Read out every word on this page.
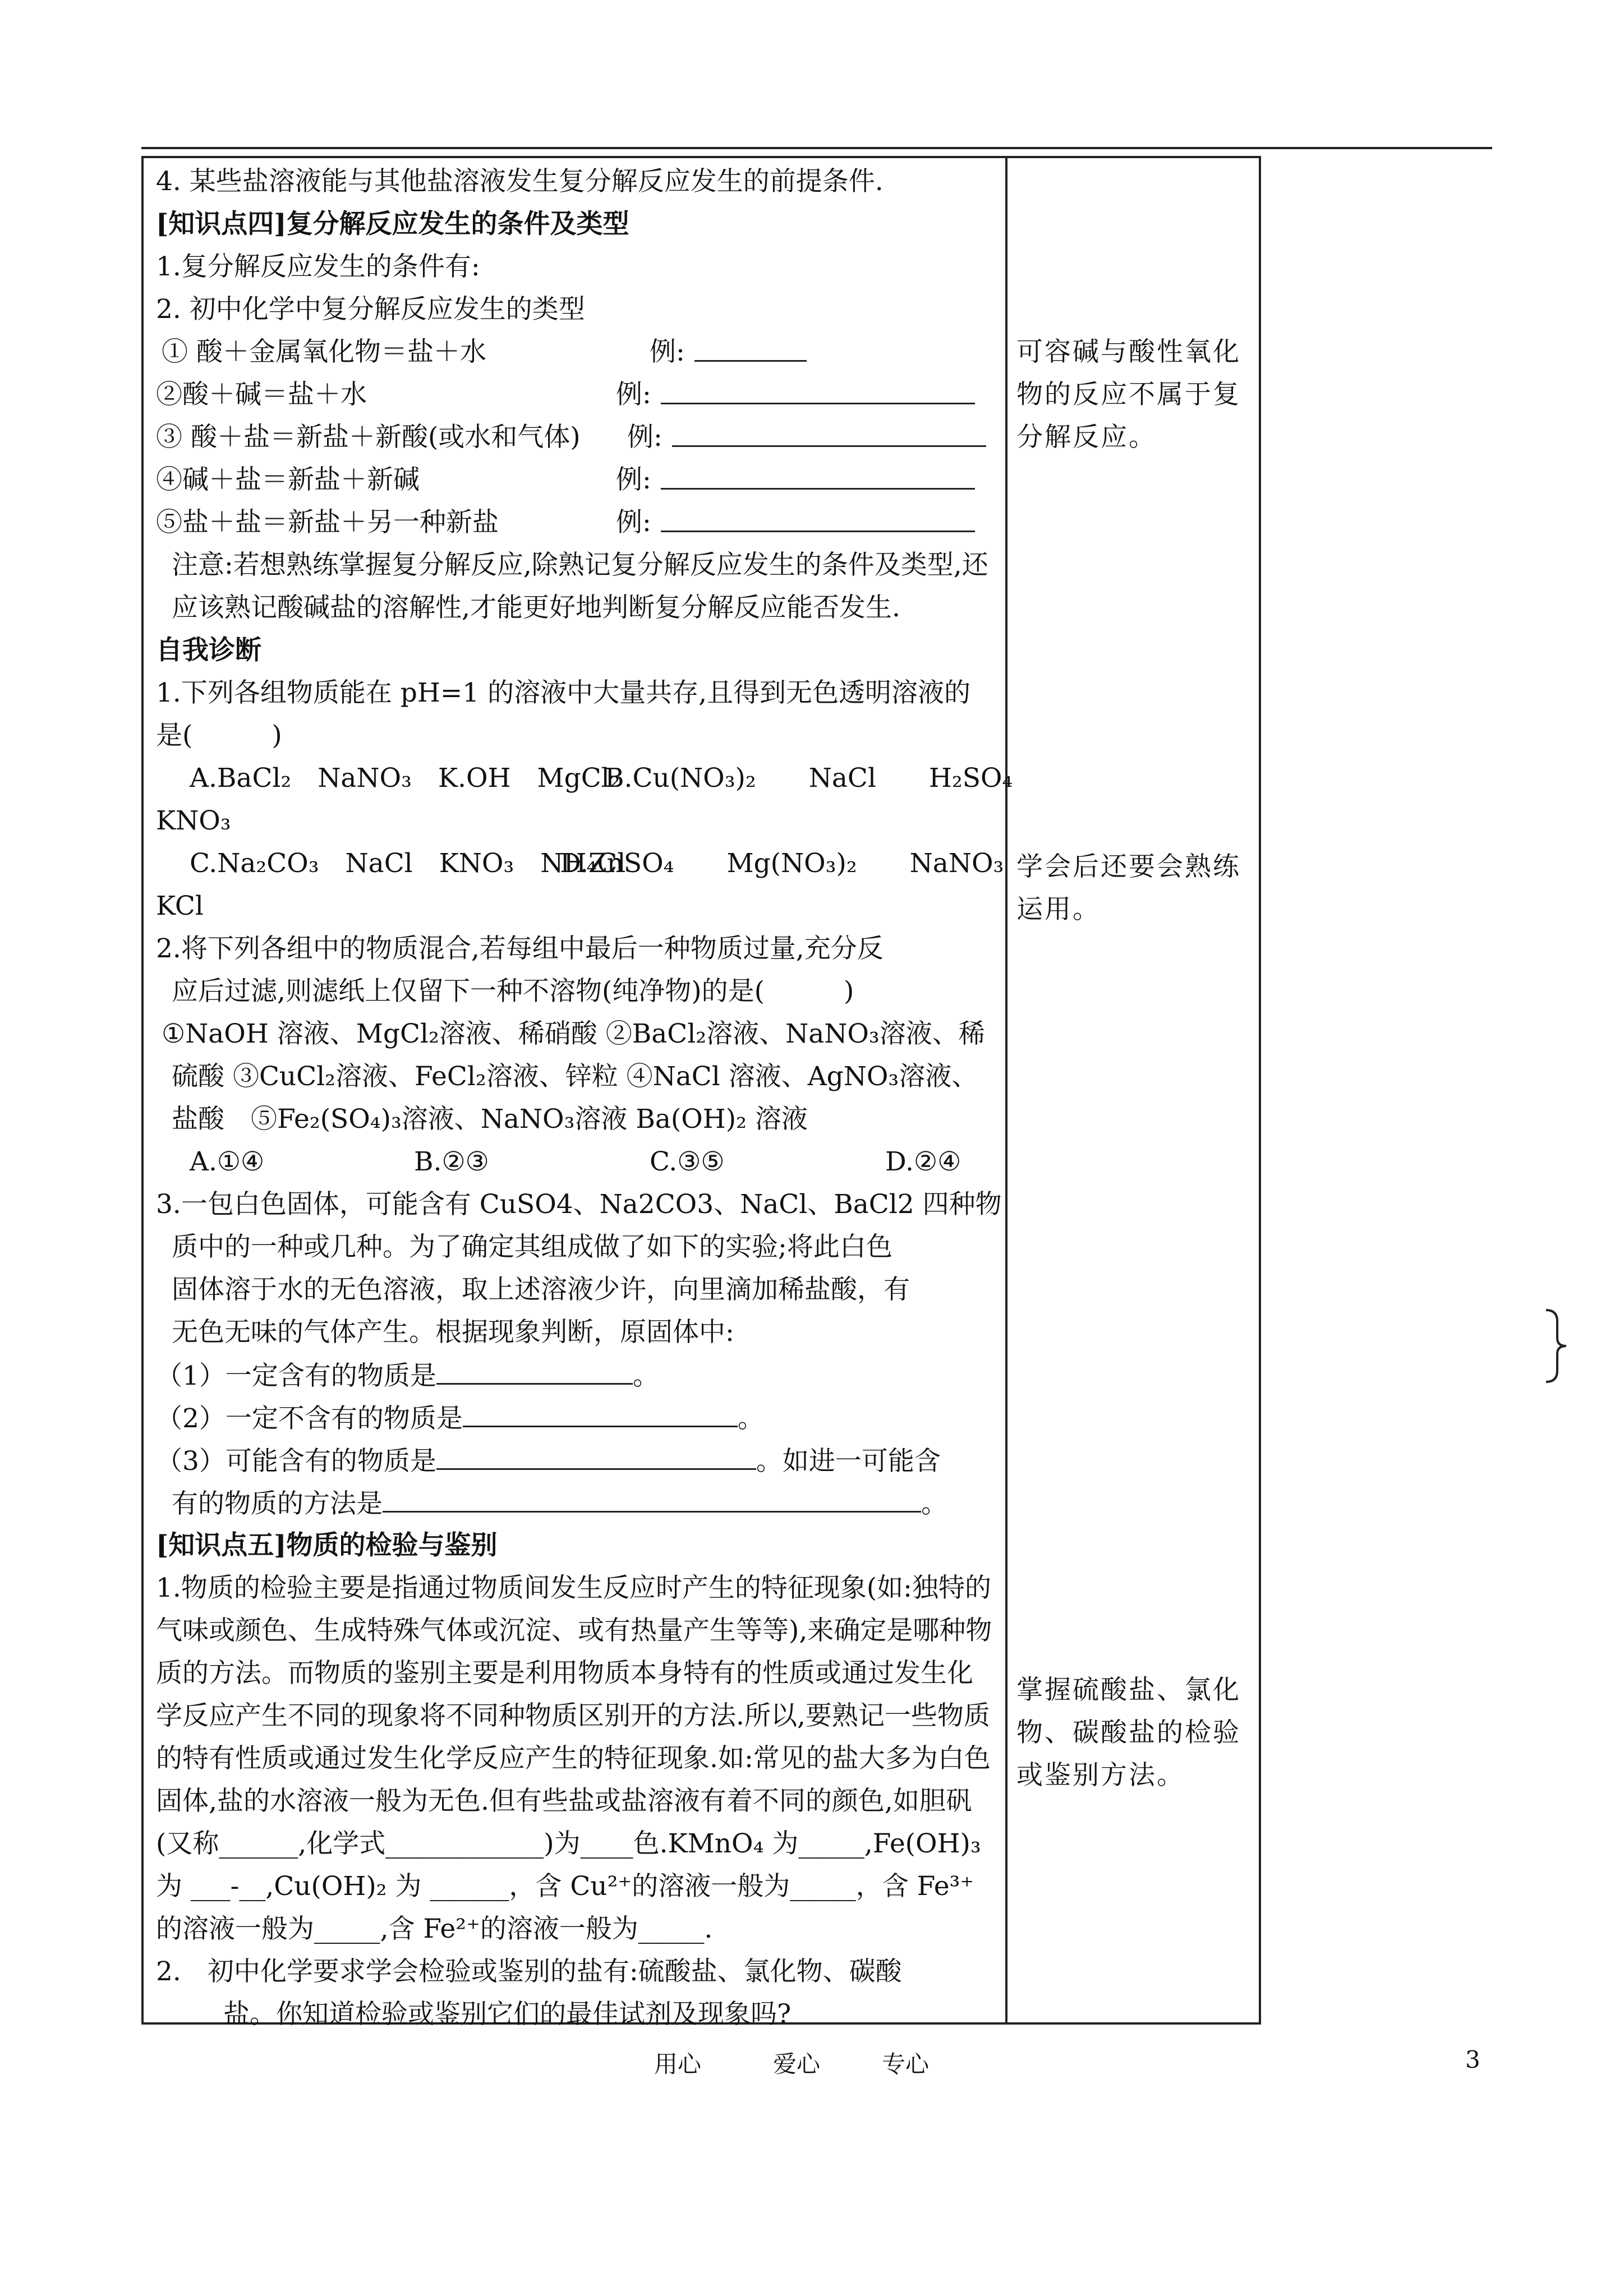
4. 某些盐溶液能与其他盐溶液发生复分解反应发生的前提条件.
[知识点四]复分解反应发生的条件及类型
1.复分解反应发生的条件有:
2. 初中化学中复分解反应发生的类型
① 酸＋金属氧化物＝盐＋水	例:
②酸＋碱＝盐＋水	例:
③ 酸＋盐＝新盐＋新酸(或水和气体) 例:
④碱＋盐＝新盐＋新碱	例:
⑤盐＋盐＝新盐＋另一种新盐	例:
注意:若想熟练掌握复分解反应,除熟记复分解反应发生的条件及类型,还应该熟记酸碱盐的溶解性,才能更好地判断复分解反应能否发生.
自我诊断
1.下列各组物质能在 pH=1 的溶液中大量共存,且得到无色透明溶液的是(　　　)
A.BaCl₂　NaNO₃　K.OH　MgCl₂
B.Cu(NO₃)₂　　NaCl　　H₂SO₄
KNO₃
C.Na₂CO₃　NaCl　KNO₃　NH₄Cl
D.ZnSO₄　　Mg(NO₃)₂　　NaNO₃
KCl
2.将下列各组中的物质混合,若每组中最后一种物质过量,充分反
应后过滤,则滤纸上仅留下一种不溶物(纯净物)的是(　　　)
①NaOH 溶液、MgCl₂溶液、稀硝酸 ②BaCl₂溶液、NaNO₃溶液、稀
硫酸 ③CuCl₂溶液、FeCl₂溶液、锌粒 ④NaCl 溶液、AgNO₃溶液、
盐酸　⑤Fe₂(SO₄)₃溶液、NaNO₃溶液 Ba(OH)₂ 溶液
A.①④	B.②③	C.③⑤	D.②④
3.一包白色固体，可能含有 CuSO4、Na2CO3、NaCl、BaCl2 四种物
质中的一种或几种。为了确定其组成做了如下的实验;将此白色
固体溶于水的无色溶液，取上述溶液少许，向里滴加稀盐酸，有
无色无味的气体产生。根据现象判断，原固体中:
（1）一定含有的物质是	。
（2）一定不含有的物质是	。
（3）可能含有的物质是	。如进一可能含
有的物质的方法是	。
[知识点五]物质的检验与鉴别
1.物质的检验主要是指通过物质间发生反应时产生的特征现象(如:独特的气味或颜色、生成特殊气体或沉淀、或有热量产生等等),来确定是哪种物质的方法。而物质的鉴别主要是利用物质本身特有的性质或通过发生化学反应产生不同的现象将不同种物质区别开的方法.所以,要熟记一些物质的特有性质或通过发生化学反应产生的特征现象.如:常见的盐大多为白色固体,盐的水溶液一般为无色.但有些盐或盐溶液有着不同的颜色,如胆矾(又称______,化学式____________)为____色.KMnO₄ 为_____,Fe(OH)₃ 为 ___-__,Cu(OH)₂ 为 ______，含 Cu²⁺的溶液一般为_____，含 Fe³⁺的溶液一般为_____,含 Fe²⁺的溶液一般为_____.
2.　初中化学要求学会检验或鉴别的盐有:硫酸盐、氯化物、碳酸
盐。你知道检验或鉴别它们的最佳试剂及现象吗?
可容碱与酸性氧化物的反应不属于复分解反应。
学会后还要会熟练运用。
掌握硫酸盐、氯化物、碳酸盐的检验或鉴别方法。
用心	爱心	专心	3
